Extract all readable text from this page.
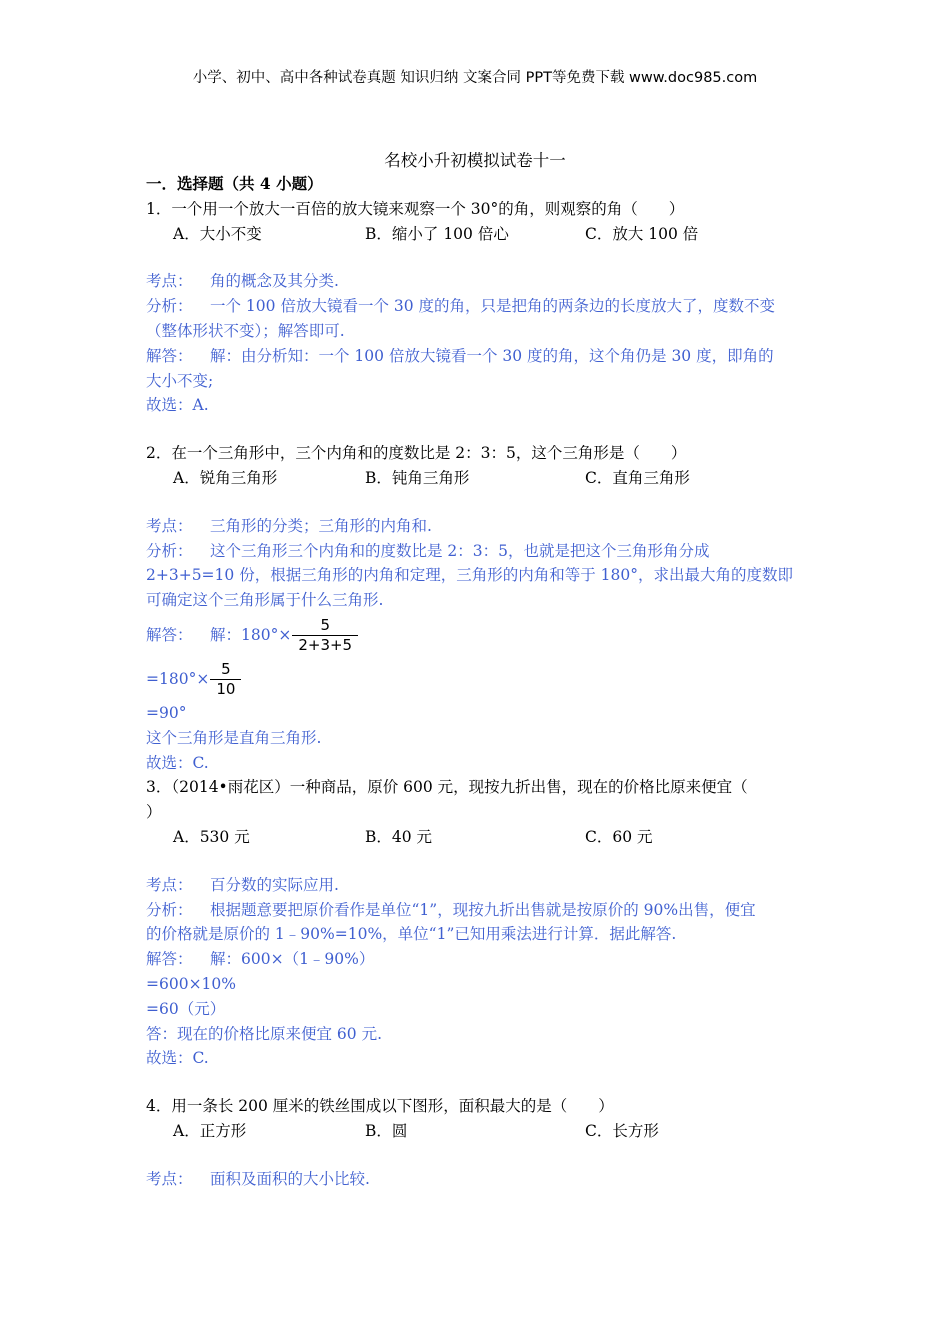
小学、初中、高中各种试卷真题 知识归纳 文案合同 PPT等免费下载 www.doc985.com
名校小升初模拟试卷十一

一．选择题（共 4 小题）

1．一个用一个放大一百倍的放大镜来观察一个 30°的角，则观察的角（　　）

A．大小不变	B．缩小了 100 倍心	C．放大 100 倍

考点： 角的概念及其分类.

分析： 一个 100 倍放大镜看一个 30 度的角，只是把角的两条边的长度放大了，度数不变

（整体形状不变）；解答即可.

解答： 解：由分析知：一个 100 倍放大镜看一个 30 度的角，这个角仍是 30 度，即角的

大小不变;

故选：A.

2．在一个三角形中，三个内角和的度数比是 2：3：5，这个三角形是（　　）

A．锐角三角形	B．钝角三角形	C．直角三角形

考点： 三角形的分类；三角形的内角和.

分析： 这个三角形三个内角和的度数比是 2：3：5，也就是把这个三角形角分成

2+3+5=10 份，根据三角形的内角和定理，三角形的内角和等于 180°，求出最大角的度数即

可确定这个三角形属于什么三角形.

解答： 解：$180^\circ\times \frac{5}{2+3+5}$

$=180^\circ\times \frac{5}{10}$

=90°

这个三角形是直角三角形.

故选：C.

3．（2014•雨花区）一种商品，原价 600 元，现按九折出售，现在的价格比原来便宜（

）

A．530 元	B．40 元	C．60 元

考点： 百分数的实际应用.

分析： 根据题意要把原价看作是单位“1”，现按九折出售就是按原价的 90%出售，便宜

的价格就是原价的 1﹣90%=10%，单位“1”已知用乘法进行计算．据此解答.

解答： 解：600×（1﹣90%）

=600×10%

=60（元）

答：现在的价格比原来便宜 60 元.

故选：C.

4．用一条长 200 厘米的铁丝围成以下图形，面积最大的是（　　）

A．正方形	B．圆	C．长方形

考点： 面积及面积的大小比较.
